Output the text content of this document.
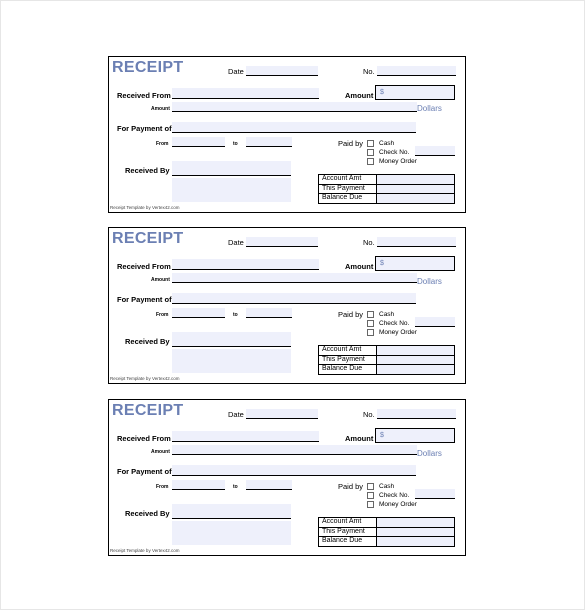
RECEIPT	Date	No.
Received From	Amount $
Amount	Dollars
For Payment of
From	to	Paid by Cash
Check No.
Money Order
Received By
Account Amt	
This Payment	
Balance Due	
Receipt Template by Vertex42.com
RECEIPT	Date	No.
Received From	Amount $
Amount	Dollars
For Payment of
From	to	Paid by Cash
Check No.
Money Order
Received By
Account Amt	
This Payment	
Balance Due	
Receipt Template by Vertex42.com
RECEIPT	Date	No.
Received From	Amount $
Amount	Dollars
For Payment of
From	to	Paid by Cash
Check No.
Money Order
Received By
Account Amt	
This Payment	
Balance Due	
Receipt Template by Vertex42.com
